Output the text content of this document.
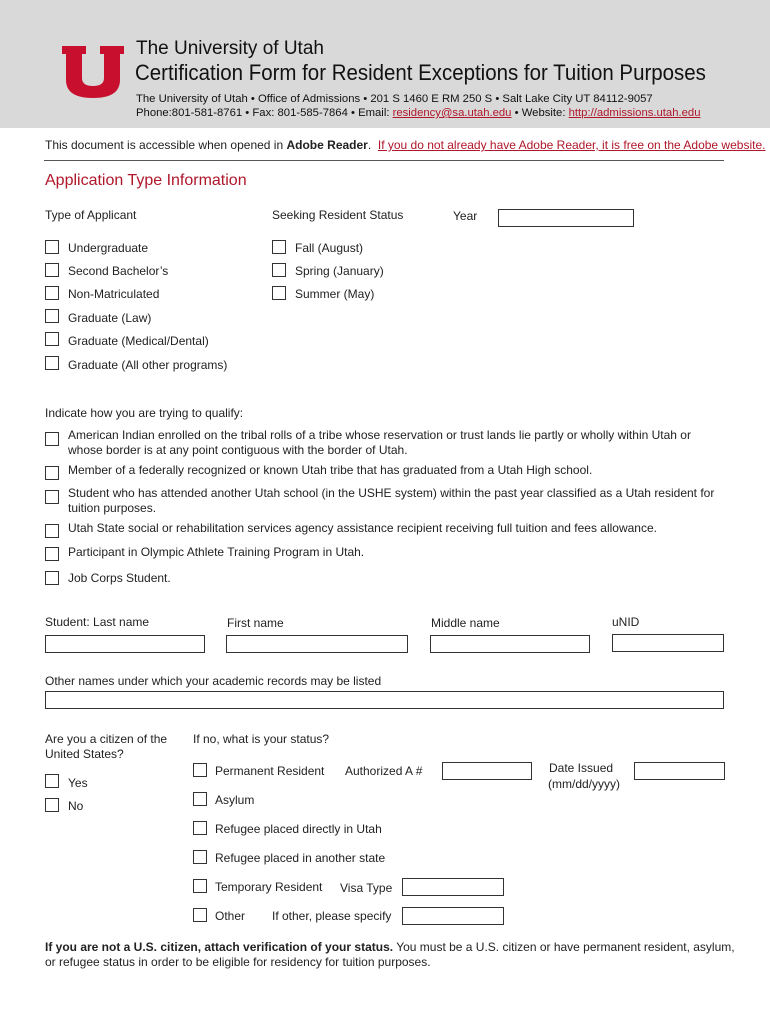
The University of Utah
Certification Form for Resident Exceptions for Tuition Purposes
The University of Utah • Office of Admissions • 201 S 1460 E RM 250 S • Salt Lake City UT 84112-9057
Phone:801-581-8761 • Fax: 801-585-7864 • Email: residency@sa.utah.edu • Website: http://admissions.utah.edu
This document is accessible when opened in Adobe Reader. If you do not already have Adobe Reader, it is free on the Adobe website.
Application Type Information
Type of Applicant	Seeking Resident Status	Year
Undergraduate
Second Bachelor’s
Non-Matriculated
Graduate (Law)
Graduate (Medical/Dental)
Graduate (All other programs)
Fall (August)
Spring (January)
Summer (May)
Indicate how you are trying to qualify:
American Indian enrolled on the tribal rolls of a tribe whose reservation or trust lands lie partly or wholly within Utah or whose border is at any point contiguous with the border of Utah.
Member of a federally recognized or known Utah tribe that has graduated from a Utah High school.
Student who has attended another Utah school (in the USHE system) within the past year classified as a Utah resident for tuition purposes.
Utah State social or rehabilitation services agency assistance recipient receiving full tuition and fees allowance.
Participant in Olympic Athlete Training Program in Utah.
Job Corps Student.
Student: Last name	First name	Middle name	uNID
Other names under which your academic records may be listed
Are you a citizen of the United States?
If no, what is your status?
Yes
No
Permanent Resident Authorized A #	Date Issued
(mm/dd/yyyy)
Asylum
Refugee placed directly in Utah
Refugee placed in another state
Temporary Resident Visa Type
Other If other, please specify
If you are not a U.S. citizen, attach verification of your status. You must be a U.S. citizen or have permanent resident, asylum, or refugee status in order to be eligible for residency for tuition purposes.
